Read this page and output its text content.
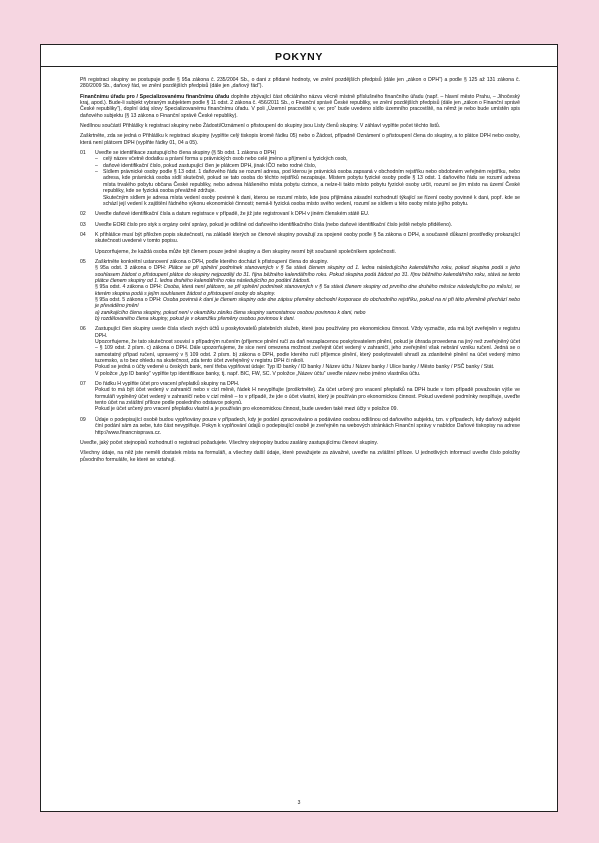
POKYNY

Při registraci skupiny se postupuje podle § 95a zákona č. 235/2004 Sb., o dani z přidané hodnoty, ve znění pozdějších předpisů (dále jen „zákon o DPH“) a podle § 125 až 131 zákona č. 280/2009 Sb., daňový řád, ve znění pozdějších předpisů (dále jen „daňový řád“).

Finančnímu úřadu pro / Specializovanému finančnímu úřadu doplníte zbývající část oficiálního názvu věcně místně příslušného finančního úřadu (např. – hlavní město Prahu, – Jihočeský kraj, apod.). Bude-li subjekt vybraným subjektem podle § 11 odst. 2 zákona č. 456/2011 Sb., o Finanční správě České republiky, ve znění pozdějších předpisů (dále jen „zákon o Finanční správě České republiky“), doplní údaj slovy Specializovanému finančnímu úřadu. V poli „Územní pracoviště v, ve: pro“ bude uvedeno sídlo územního pracoviště, na němž je nebo bude umístěn spis daňového subjektu (§ 13 zákona o Finanční správě České republiky).

Nedílnou součástí Přihlášky k registraci skupiny nebo Žádosti/Oznámení o přistoupení do skupiny jsou Listy členů skupiny. V záhlaví vyplňte počet těchto listů.

Zaškrtněte, zda se jedná o Přihlášku k registraci skupiny (vyplňte celý tiskopis kromě řádku 05) nebo o Žádost, případně Oznámení o přistoupení člena do skupiny, a to plátce DPH nebo osoby, která není plátcem DPH (vyplňte řádky 01, 04 a 05).

01	Uveďte se identifikace zastupujícího člena skupiny (§ 5b odst. 1 zákona o DPH)
– celý název včetně dodatku a právní forma u právnických osob nebo celé jméno a příjmení u fyzických osob,
– daňové identifikační číslo, pokud zastupující člen je plátcem DPH, jinak IČO nebo rodné číslo,
– Sídlem právnické osoby podle § 13 odst. 1 daňového řádu se rozumí adresa, pod kterou je právnická osoba zapsaná v obchodním rejstříku nebo obdobném veřejném rejstříku, nebo adresa, kde právnická osoba sídlí skutečně, pokud se tato osoba do těchto rejstříků nezapisuje. Místem pobytu fyzické osoby podle § 13 odst. 1 daňového řádu se rozumí adresa místa trvalého pobytu občana České republiky, nebo adresa hlášeného místa pobytu cizince, a nelze-li takto místo pobytu fyzické osoby určit, rozumí se jím místo na území České republiky, kde se fyzická osoba převážně zdržuje.
Skutečným sídlem je adresa místa vedení osoby povinné k dani, kterou se rozumí místo, kde jsou přijímána zásadní rozhodnutí týkající se řízení osoby povinné k dani, popř. kde se schází její vedení k zajištění řádného výkonu ekonomické činnosti; nemá-li fyzická osoba místo svého vedení, rozumí se sídlem u této osoby místo jejího pobytu.
02	Uveďte daňové identifikační čísla a datum registrace v případě, že již jste registrovaní k DPH v jiném členském státě EU.
03	Uveďte EORI číslo pro styk s orgány celní správy, pokud je odlišné od daňového identifikačního čísla (nebo daňové identifikační číslo ještě nebylo přiděleno).
04	K přihlášce musí být přiložen popis skutečností, na základě kterých se členové skupiny považují za spojené osoby podle § 5a zákona o DPH, a současně důkazní prostředky prokazující skutečnosti uvedené v tomto popisu.

Upozorňujeme, že každá osoba může být členem pouze jedné skupiny a člen skupiny nesmí být současně společníkem společnosti.
05	Zaškrtněte konkrétní ustanovení zákona o DPH, podle kterého dochází k přistoupení člena do skupiny.
§ 95a odst. 3 zákona o DPH: Plátce se při splnění podmínek stanovených v § 5a stává členem skupiny od 1. ledna následujícího kalendářního roku, pokud skupina podá s jeho souhlasem žádost o přistoupení plátce do skupiny nejpozději do 31. října běžného kalendářního roku. Pokud skupina podá žádost po 31. říjnu běžného kalendářního roku, stává se tento plátce členem skupiny od 1. ledna druhého kalendářního roku následujícího po podání žádosti.
§ 95a odst. 4 zákona o DPH: Osoba, která není plátcem, se při splnění podmínek stanovených v § 5a stává členem skupiny od prvního dne druhého měsíce následujícího po měsíci, ve kterém skupina podá s jejím souhlasem žádost o přistoupení osoby do skupiny.
§ 95a odst. 5 zákona o DPH: Osoba povinná k dani je členem skupiny ode dne zápisu přeměny obchodní korporace do obchodního rejstříku, pokud na ni při této přeměně přechází nebo je převáděno jmění
a) zanikajícího člena skupiny, pokud není v okamžiku zániku člena skupiny samostatnou osobou povinnou k dani, nebo
b) rozdělovaného člena skupiny, pokud je v okamžiku přeměny osobou povinnou k dani.
06	Zastupující člen skupiny uvede čísla všech svých účtů u poskytovatelů platebních služeb, které jsou používány pro ekonomickou činnost. Vždy vyznačte, zda má být zveřejněn v registru DPH.
Upozorňujeme, že tato skutečnost souvisí s případným ručením (příjemce plnění ručí za daň nezaplacenou poskytovatelem plnění, pokud je úhrada provedena na jiný než zveřejněný účet – § 109 odst. 2 písm. c) zákona o DPH. Dále upozorňujeme, že sice není omezena možnost zveřejnit účet vedený v zahraničí, jeho zveřejnění však nebrání vzniku ručení. Jedná se o samostatný případ ručení, upravený v § 109 odst. 2 písm. b) zákona o DPH, podle kterého ručí příjemce plnění, který poskytovateli uhradí za zdanitelné plnění na účet vedený mimo tuzemsko, a to bez ohledu na skutečnost, zda tento účet zveřejněný v registru DPH či nikoli.
Pokud se jedná o účty vedené u českých bank, není třeba vyplňovat údaje: Typ ID banky / ID banky / Název účtu / Název banky / Ulice banky / Město banky / PSČ banky / Stát.
V položce „typ ID banky“ vyplňte typ identifikace banky, tj. např. BIC, FW, SC. V položce „Název účtu“ uveďte název nebo jméno vlastníka účtu.
07	Do řádku H vyplňte účet pro vracení přeplatků skupiny na DPH.
Pokud to má být účet vedený v zahraničí nebo v cizí měně, řádek H nevyplňujte (proškrtněte). Za účet určený pro vracení přeplatků na DPH bude v tom případě považován výše ve formuláři vyplněný účet vedený v zahraničí nebo v cizí měně – to v případě, že jde o účet vlastní, který je používán pro ekonomickou činnost. Pokud uvedené podmínky nesplňuje, uveďte tento účet na zvláštní příloze podle posledního odstavce pokynů.
Pokud je účet určený pro vracení přeplatku vlastní a je používán pro ekonomickou činnost, bude uveden také mezi účty v položce 09.
09	Údaje o podepisující osobě budou vyplňovány pouze v případech, kdy je podání zpracováváno a podáváno osobou odlišnou od daňového subjektu, tzn. v případech, kdy daňový subjekt činí podání sám za sebe, tuto část nevyplňuje. Pokyn k vyplňování údajů o podepisující osobě je zveřejněn na webových stránkách Finanční správy v nabídce Daňové tiskopisy na adrese http://www.financnisprava.cz.

Uveďte, jaký počet stejnopisů rozhodnutí o registraci požadujete. Všechny stejnopisy budou zaslány zastupujícímu členovi skupiny.

Všechny údaje, na něž jste neměli dostatek místa na formuláři, a všechny další údaje, které považujete za závažné, uveďte na zvláštní příloze. U jednotlivých informací uveďte číslo položky původního formuláře, ke které se vztahují.

3
